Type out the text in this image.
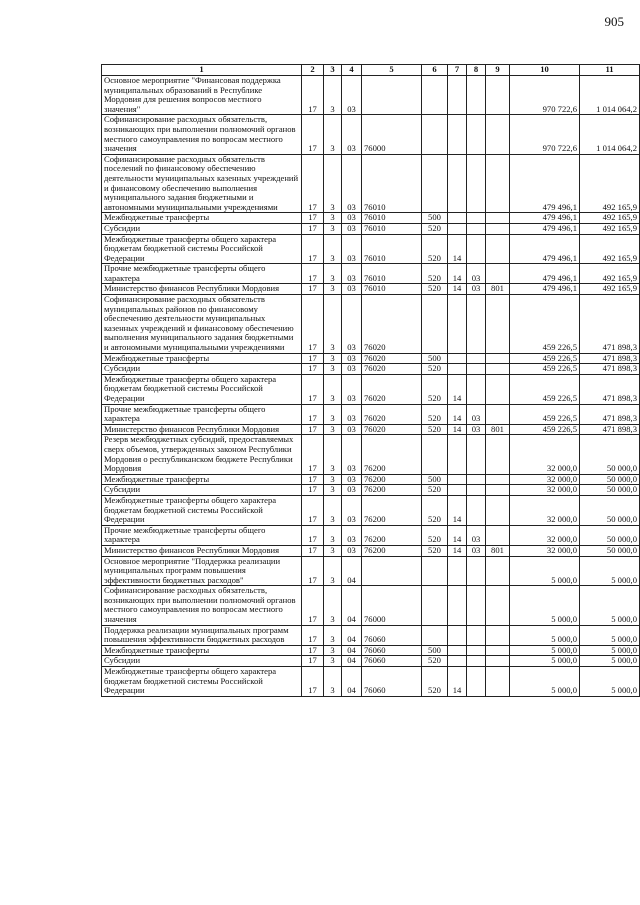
905
1	2	3	4	5	6	7	8	9	10	11
Основное мероприятие "Финансовая поддержка муниципальных образований в Республике Мордовия для решения вопросов местного значения"	17	3	03						970 722,6	1 014 064,2
Софинансирование расходных обязательств, возникающих при выполнении полномочий органов местного самоуправления по вопросам местного значения	17	3	03	76000					970 722,6	1 014 064,2
Софинансирование расходных обязательств поселений по финансовому обеспечению деятельности муниципальных казенных учреждений и финансовому обеспечению выполнения муниципального задания бюджетными и автономными муниципальными учреждениями	17	3	03	76010					479 496,1	492 165,9
Межбюджетные трансферты	17	3	03	76010	500				479 496,1	492 165,9
Субсидии	17	3	03	76010	520				479 496,1	492 165,9
Межбюджетные трансферты общего характера бюджетам бюджетной системы Российской Федерации	17	3	03	76010	520	14			479 496,1	492 165,9
Прочие межбюджетные трансферты общего характера	17	3	03	76010	520	14	03		479 496,1	492 165,9
Министерство финансов Республики Мордовия	17	3	03	76010	520	14	03	801	479 496,1	492 165,9
Софинансирование расходных обязательств муниципальных районов по финансовому обеспечению деятельности муниципальных казенных учреждений и финансовому обеспечению выполнения муниципального задания бюджетными и автономными муниципальными учреждениями	17	3	03	76020					459 226,5	471 898,3
Межбюджетные трансферты	17	3	03	76020	500				459 226,5	471 898,3
Субсидии	17	3	03	76020	520				459 226,5	471 898,3
Межбюджетные трансферты общего характера бюджетам бюджетной системы Российской Федерации	17	3	03	76020	520	14			459 226,5	471 898,3
Прочие межбюджетные трансферты общего характера	17	3	03	76020	520	14	03		459 226,5	471 898,3
Министерство финансов Республики Мордовия	17	3	03	76020	520	14	03	801	459 226,5	471 898,3
Резерв межбюджетных субсидий, предоставляемых сверх объемов, утвержденных законом Республики Мордовия о республиканском бюджете Республики Мордовия	17	3	03	76200					32 000,0	50 000,0
Межбюджетные трансферты	17	3	03	76200	500				32 000,0	50 000,0
Субсидии	17	3	03	76200	520				32 000,0	50 000,0
Межбюджетные трансферты общего характера бюджетам бюджетной системы Российской Федерации	17	3	03	76200	520	14			32 000,0	50 000,0
Прочие межбюджетные трансферты общего характера	17	3	03	76200	520	14	03		32 000,0	50 000,0
Министерство финансов Республики Мордовия	17	3	03	76200	520	14	03	801	32 000,0	50 000,0
Основное мероприятие "Поддержка реализации муниципальных программ повышения эффективности бюджетных расходов"	17	3	04						5 000,0	5 000,0
Софинансирование расходных обязательств, возникающих при выполнении полномочий органов местного самоуправления по вопросам местного значения	17	3	04	76000					5 000,0	5 000,0
Поддержка реализации муниципальных программ повышения эффективности бюджетных расходов	17	3	04	76060					5 000,0	5 000,0
Межбюджетные трансферты	17	3	04	76060	500				5 000,0	5 000,0
Субсидии	17	3	04	76060	520				5 000,0	5 000,0
Межбюджетные трансферты общего характера бюджетам бюджетной системы Российской Федерации	17	3	04	76060	520	14			5 000,0	5 000,0
